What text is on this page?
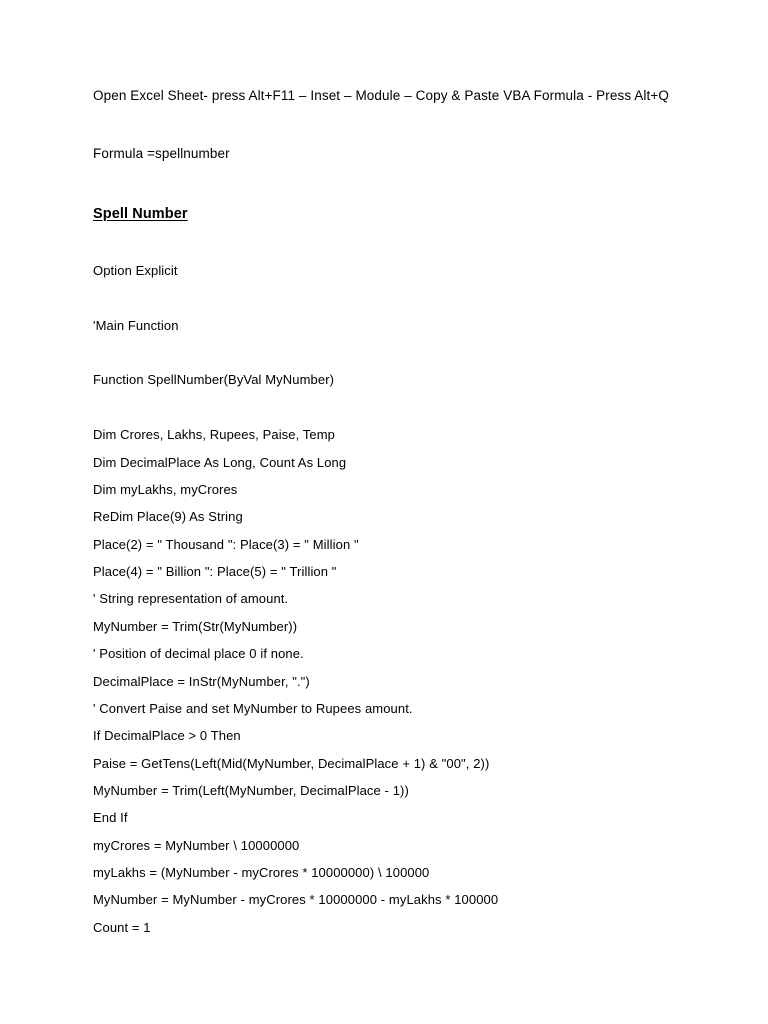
Open Excel Sheet- press Alt+F11 – Inset – Module – Copy & Paste VBA Formula - Press Alt+Q
Formula =spellnumber
Spell Number
Option Explicit
'Main Function
Function SpellNumber(ByVal MyNumber)
Dim Crores, Lakhs, Rupees, Paise, Temp
Dim DecimalPlace As Long, Count As Long
Dim myLakhs, myCrores
ReDim Place(9) As String
Place(2) = " Thousand ": Place(3) = " Million "
Place(4) = " Billion ": Place(5) = " Trillion "
' String representation of amount.
MyNumber = Trim(Str(MyNumber))
' Position of decimal place 0 if none.
DecimalPlace = InStr(MyNumber, ".")
' Convert Paise and set MyNumber to Rupees amount.
If DecimalPlace > 0 Then
Paise = GetTens(Left(Mid(MyNumber, DecimalPlace + 1) & "00", 2))
MyNumber = Trim(Left(MyNumber, DecimalPlace - 1))
End If
myCrores = MyNumber \ 10000000
myLakhs = (MyNumber - myCrores * 10000000) \ 100000
MyNumber = MyNumber - myCrores * 10000000 - myLakhs * 100000
Count = 1
